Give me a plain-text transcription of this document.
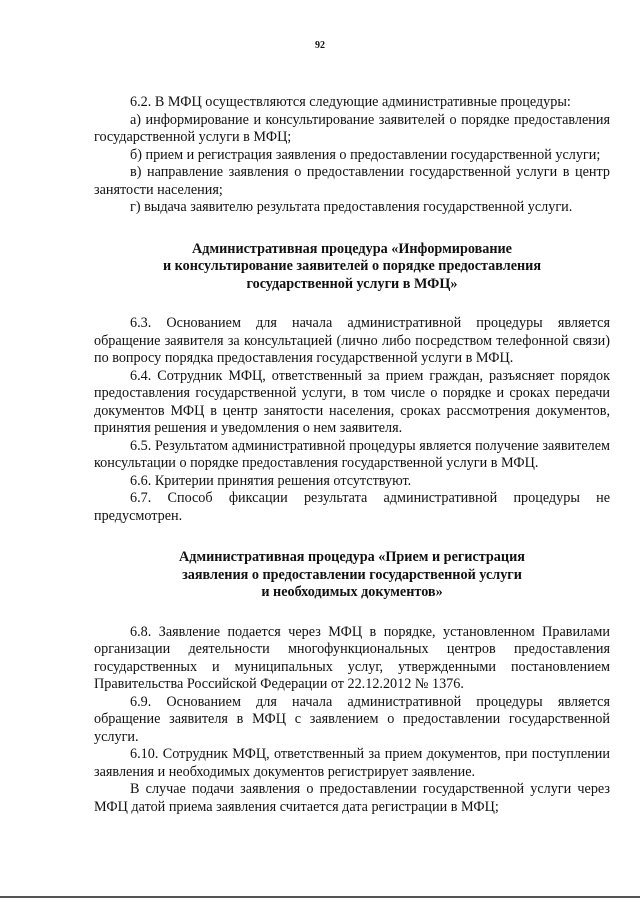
92

6.2. В МФЦ осуществляются следующие административные процедуры:

а) информирование и консультирование заявителей о порядке предоставления государственной услуги в МФЦ;

б) прием и регистрация заявления о предоставлении государственной услуги;

в) направление заявления о предоставлении государственной услуги в центр занятости населения;

г) выдача заявителю результата предоставления государственной услуги.

Административная процедура «Информирование
и консультирование заявителей о порядке предоставления
государственной услуги в МФЦ»

6.3. Основанием для начала административной процедуры является обращение заявителя за консультацией (лично либо посредством телефонной связи) по вопросу порядка предоставления государственной услуги в МФЦ.

6.4. Сотрудник МФЦ, ответственный за прием граждан, разъясняет порядок предоставления государственной услуги, в том числе о порядке и сроках передачи документов МФЦ в центр занятости населения, сроках рассмотрения документов, принятия решения и уведомления о нем заявителя.

6.5. Результатом административной процедуры является получение заявителем консультации о порядке предоставления государственной услуги в МФЦ.

6.6. Критерии принятия решения отсутствуют.

6.7. Способ фиксации результата административной процедуры не предусмотрен.

Административная процедура «Прием и регистрация
заявления о предоставлении государственной услуги
и необходимых документов»

6.8. Заявление подается через МФЦ в порядке, установленном Правилами организации деятельности многофункциональных центров предоставления государственных и муниципальных услуг, утвержденными постановлением Правительства Российской Федерации от 22.12.2012 № 1376.

6.9. Основанием для начала административной процедуры является обращение заявителя в МФЦ с заявлением о предоставлении государственной услуги.

6.10. Сотрудник МФЦ, ответственный за прием документов, при поступлении заявления и необходимых документов регистрирует заявление.

В случае подачи заявления о предоставлении государственной услуги через МФЦ датой приема заявления считается дата регистрации в МФЦ;
